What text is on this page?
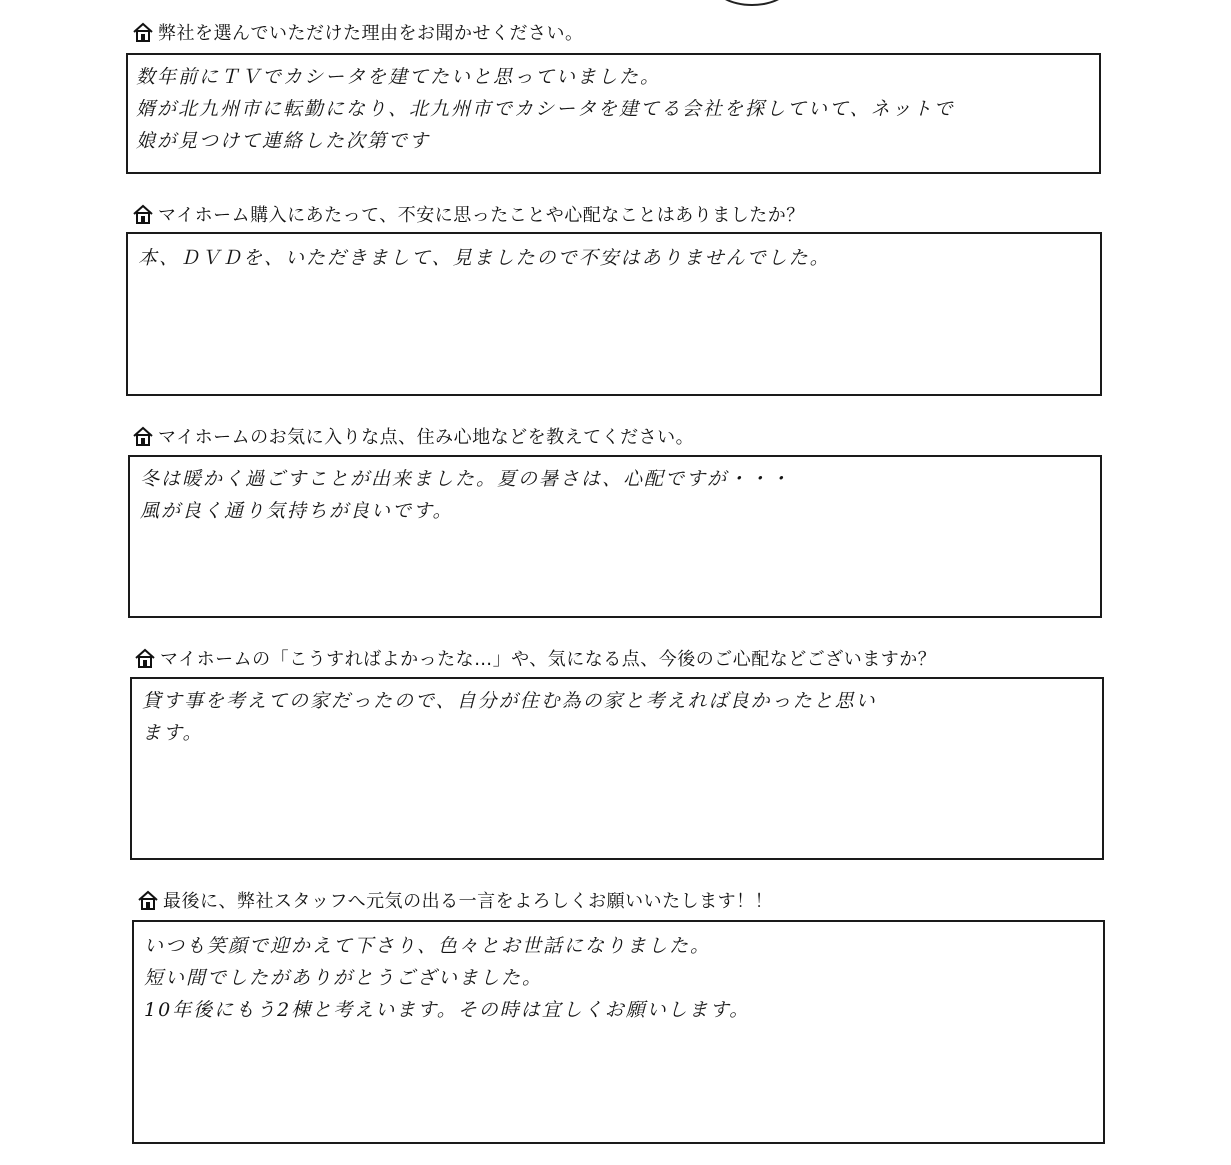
弊社を選んでいただけた理由をお聞かせください。
数年前にＴＶでカシータを建てたいと思っていました。
婿が北九州市に転勤になり、北九州市でカシータを建てる会社を探していて、ネットで
娘が見つけて連絡した次第です
マイホーム購入にあたって、不安に思ったことや心配なことはありましたか？
本、ＤＶＤを、いただきまして、見ましたので不安はありませんでした。
マイホームのお気に入りな点、住み心地などを教えてください。
冬は暖かく過ごすことが出来ました。夏の暑さは、心配ですが・・・
風が良く通り気持ちが良いです。
マイホームの「こうすればよかったな…」や、気になる点、今後のご心配などございますか？
貸す事を考えての家だったので、自分が住む為の家と考えれば良かったと思い
ます。
最後に、弊社スタッフへ元気の出る一言をよろしくお願いいたします！！
いつも笑顔で迎かえて下さり、色々とお世話になりました。
短い間でしたがありがとうございました。
10年後にもう2棟と考えいます。その時は宜しくお願いします。
